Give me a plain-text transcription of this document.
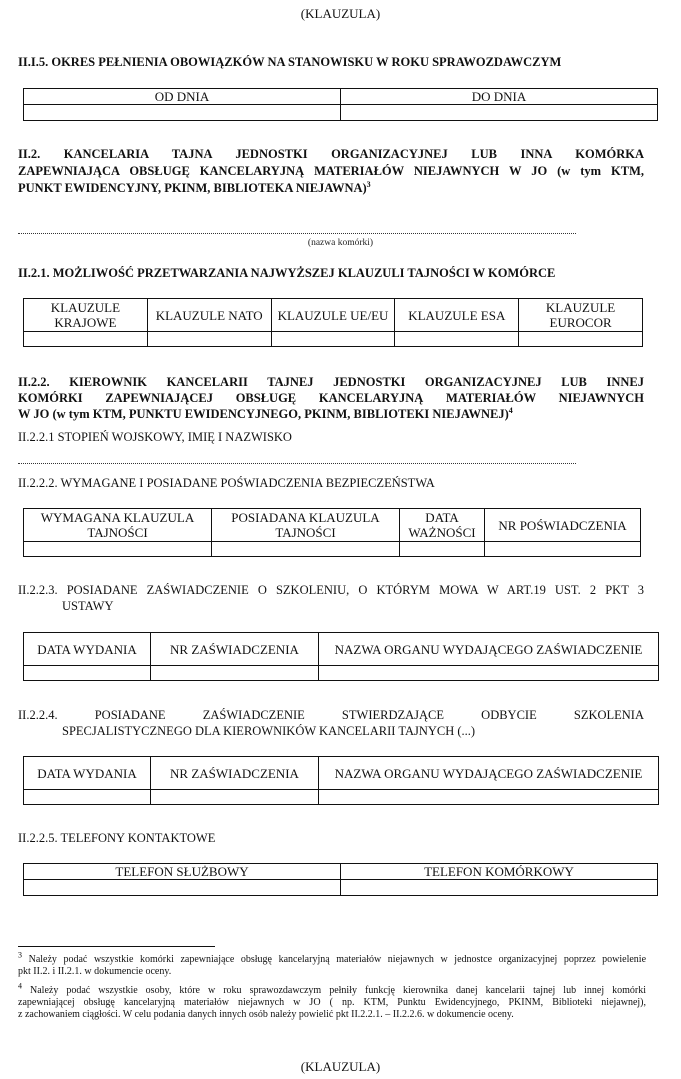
(KLAUZULA)
II.I.5. OKRES PEŁNIENIA OBOWIĄZKÓW NA STANOWISKU W ROKU SPRAWOZDAWCZYM
OD DNIA	DO DNIA

II.2. KANCELARIA TAJNA JEDNOSTKI ORGANIZACYJNEJ LUB INNA KOMÓRKA
ZAPEWNIAJĄCA OBSŁUGĘ KANCELARYJNĄ MATERIAŁÓW NIEJAWNYCH W JO (w tym KTM,
PUNKT EWIDENCYJNY, PKINM, BIBLIOTEKA NIEJAWNA)$^3$
(nazwa komórki)
II.2.1. MOŻLIWOŚĆ PRZETWARZANIA NAJWYŻSZEJ KLAUZULI TAJNOŚCI W KOMÓRCE
KLAUZULE KRAJOWE	KLAUZULE NATO	KLAUZULE UE/EU	KLAUZULE ESA	KLAUZULE EUROCOR

II.2.2. KIEROWNIK KANCELARII TAJNEJ JEDNOSTKI ORGANIZACYJNEJ LUB INNEJ
KOMÓRKI ZAPEWNIAJĄCEJ OBSŁUGĘ KANCELARYJNĄ MATERIAŁÓW NIEJAWNYCH
W JO (w tym KTM, PUNKTU EWIDENCYJNEGO, PKINM, BIBLIOTEKI NIEJAWNEJ)$^4$
II.2.2.1 STOPIEŃ WOJSKOWY, IMIĘ I NAZWISKO
II.2.2.2. WYMAGANE I POSIADANE POŚWIADCZENIA BEZPIECZEŃSTWA
WYMAGANA KLAUZULA TAJNOŚCI	POSIADANA KLAUZULA TAJNOŚCI	DATA WAŻNOŚCI	NR POŚWIADCZENIA

II.2.2.3. POSIADANE ZAŚWIADCZENIE O SZKOLENIU, O KTÓRYM MOWA W ART.19 UST. 2 PKT 3
USTAWY
DATA WYDANIA	NR ZAŚWIADCZENIA	NAZWA ORGANU WYDAJĄCEGO ZAŚWIADCZENIE

II.2.2.4. POSIADANE ZAŚWIADCZENIE STWIERDZAJĄCE ODBYCIE SZKOLENIA
SPECJALISTYCZNEGO DLA KIEROWNIKÓW KANCELARII TAJNYCH (...)
DATA WYDANIA	NR ZAŚWIADCZENIA	NAZWA ORGANU WYDAJĄCEGO ZAŚWIADCZENIE

II.2.2.5. TELEFONY KONTAKTOWE
TELEFON SŁUŻBOWY	TELEFON KOMÓRKOWY

$^3$ Należy podać wszystkie komórki zapewniające obsługę kancelaryjną materiałów niejawnych w jednostce organizacyjnej poprzez powielenie
pkt II.2. i II.2.1. w dokumencie oceny.
$^4$ Należy podać wszystkie osoby, które w roku sprawozdawczym pełniły funkcję kierownika danej kancelarii tajnej lub innej komórki
zapewniającej obsługę kancelaryjną materiałów niejawnych w JO ( np. KTM, Punktu Ewidencyjnego, PKINM, Biblioteki niejawnej),
z zachowaniem ciągłości. W celu podania danych innych osób należy powielić pkt II.2.2.1. – II.2.2.6. w dokumencie oceny.
(KLAUZULA)
